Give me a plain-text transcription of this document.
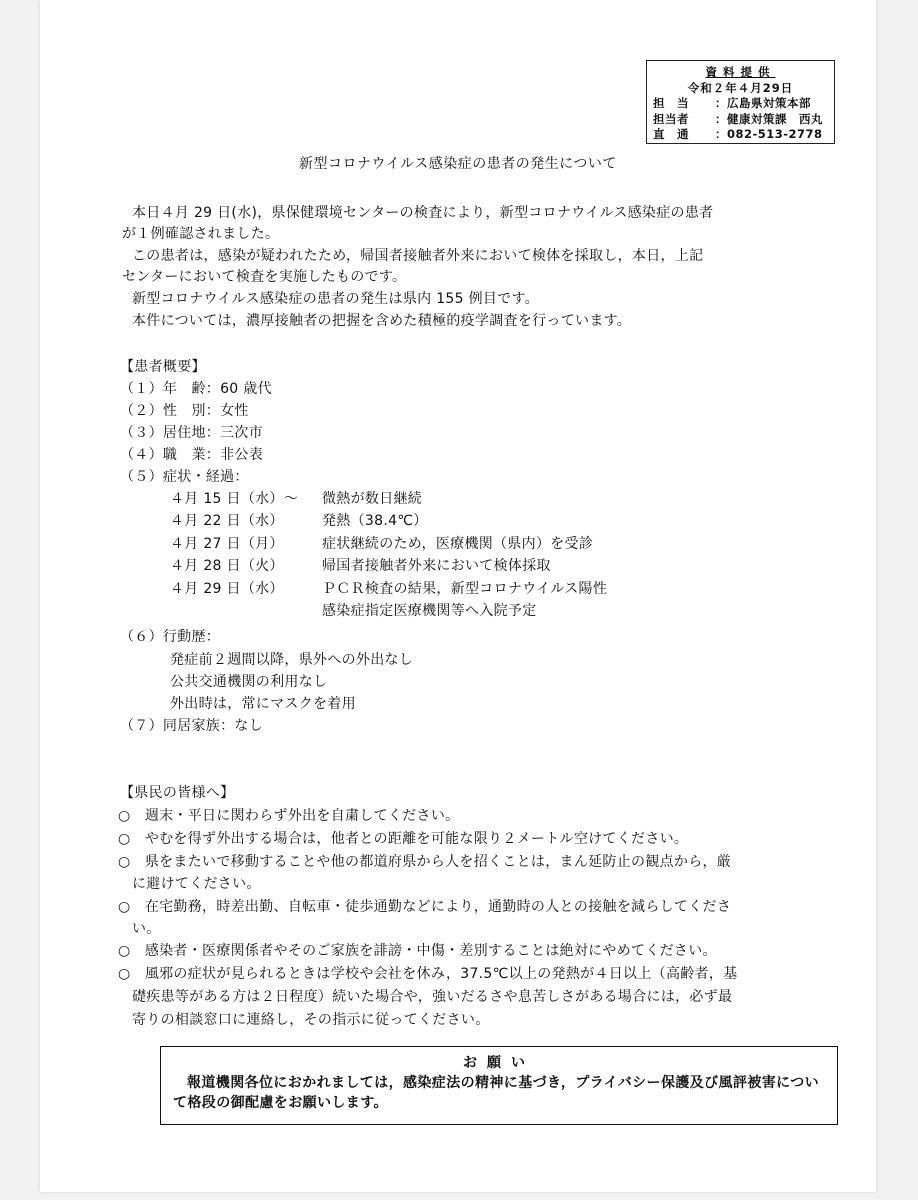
資料提供
令和２年４月29日
担　当	：広島県対策本部
担当者	：健康対策課　西丸
直　通	：082-513-2778
新型コロナウイルス感染症の患者の発生について
本日４月 29 日(水)，県保健環境センターの検査により，新型コロナウイルス感染症の患者
が１例確認されました。
この患者は，感染が疑われたため，帰国者接触者外来において検体を採取し，本日，上記
センターにおいて検査を実施したものです。
新型コロナウイルス感染症の患者の発生は県内 155 例目です。
本件については，濃厚接触者の把握を含めた積極的疫学調査を行っています。
【患者概要】
（１）年　齢：60 歳代
（２）性　別：女性
（３）居住地：三次市
（４）職　業：非公表
（５）症状・経過：
４月 15 日（水）～ 微熱が数日継続
４月 22 日（水）	発熱（38.4℃）
４月 27 日（月）	症状継続のため，医療機関（県内）を受診
４月 28 日（火）	帰国者接触者外来において検体採取
４月 29 日（水）	ＰＣＲ検査の結果，新型コロナウイルス陽性
感染症指定医療機関等へ入院予定
（６）行動歴：
発症前２週間以降，県外への外出なし
公共交通機関の利用なし
外出時は，常にマスクを着用
（７）同居家族：なし
【県民の皆様へ】
○　週末・平日に関わらず外出を自粛してください。
○　やむを得ず外出する場合は，他者との距離を可能な限り２メートル空けてください。
○　県をまたいで移動することや他の都道府県から人を招くことは，まん延防止の観点から，厳
に避けてください。
○　在宅勤務，時差出勤、自転車・徒歩通勤などにより，通勤時の人との接触を減らしてくださ
い。
○　感染者・医療関係者やそのご家族を誹謗・中傷・差別することは絶対にやめてください。
○　風邪の症状が見られるときは学校や会社を休み，37.5℃以上の発熱が４日以上（高齢者，基
礎疾患等がある方は２日程度）続いた場合や，強いだるさや息苦しさがある場合には，必ず最
寄りの相談窓口に連絡し，その指示に従ってください。
お願い

報道機関各位におかれましては，感染症法の精神に基づき，プライバシー保護及び風評被害について格段の御配慮をお願いします。
